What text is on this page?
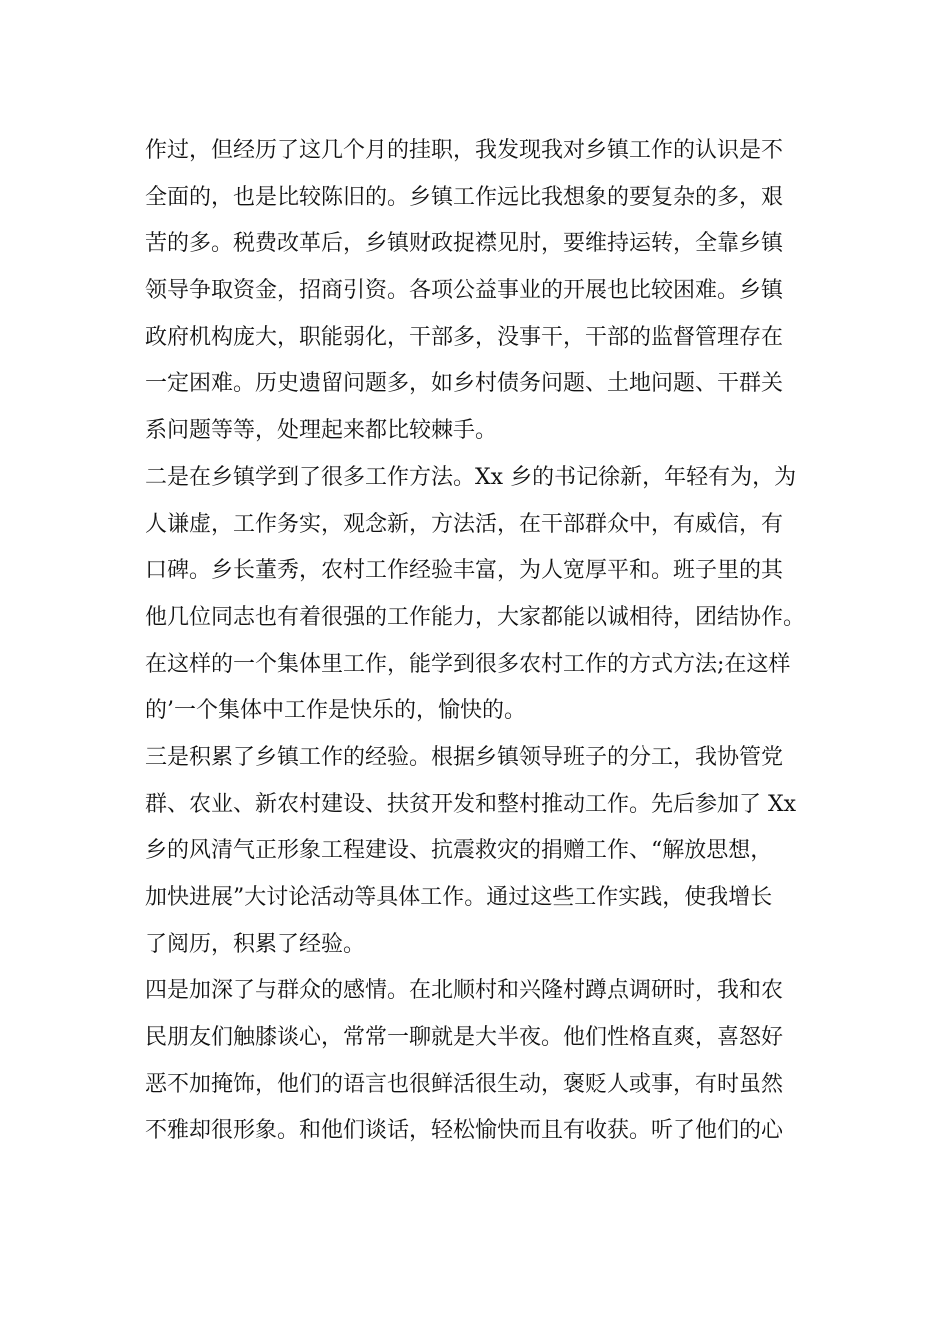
作过，但经历了这几个月的挂职，我发现我对乡镇工作的认识是不
全面的，也是比较陈旧的。乡镇工作远比我想象的要复杂的多，艰
苦的多。税费改革后，乡镇财政捉襟见肘，要维持运转，全靠乡镇
领导争取资金，招商引资。各项公益事业的开展也比较困难。乡镇
政府机构庞大，职能弱化，干部多，没事干，干部的监督管理存在
一定困难。历史遗留问题多，如乡村债务问题、土地问题、干群关
系问题等等，处理起来都比较棘手。
二是在乡镇学到了很多工作方法。Xx 乡的书记徐新，年轻有为，为
人谦虚，工作务实，观念新，方法活，在干部群众中，有威信，有
口碑。乡长董秀，农村工作经验丰富，为人宽厚平和。班子里的其
他几位同志也有着很强的工作能力，大家都能以诚相待，团结协作。
在这样的一个集体里工作，能学到很多农村工作的方式方法;在这样
的’一个集体中工作是快乐的，愉快的。
三是积累了乡镇工作的经验。根据乡镇领导班子的分工，我协管党
群、农业、新农村建设、扶贫开发和整村推动工作。先后参加了 Xx
乡的风清气正形象工程建设、抗震救灾的捐赠工作、“解放思想，
加快进展”大讨论活动等具体工作。通过这些工作实践，使我增长
了阅历，积累了经验。
四是加深了与群众的感情。在北顺村和兴隆村蹲点调研时，我和农
民朋友们触膝谈心，常常一聊就是大半夜。他们性格直爽，喜怒好
恶不加掩饰，他们的语言也很鲜活很生动，褒贬人或事，有时虽然
不雅却很形象。和他们谈话，轻松愉快而且有收获。听了他们的心
